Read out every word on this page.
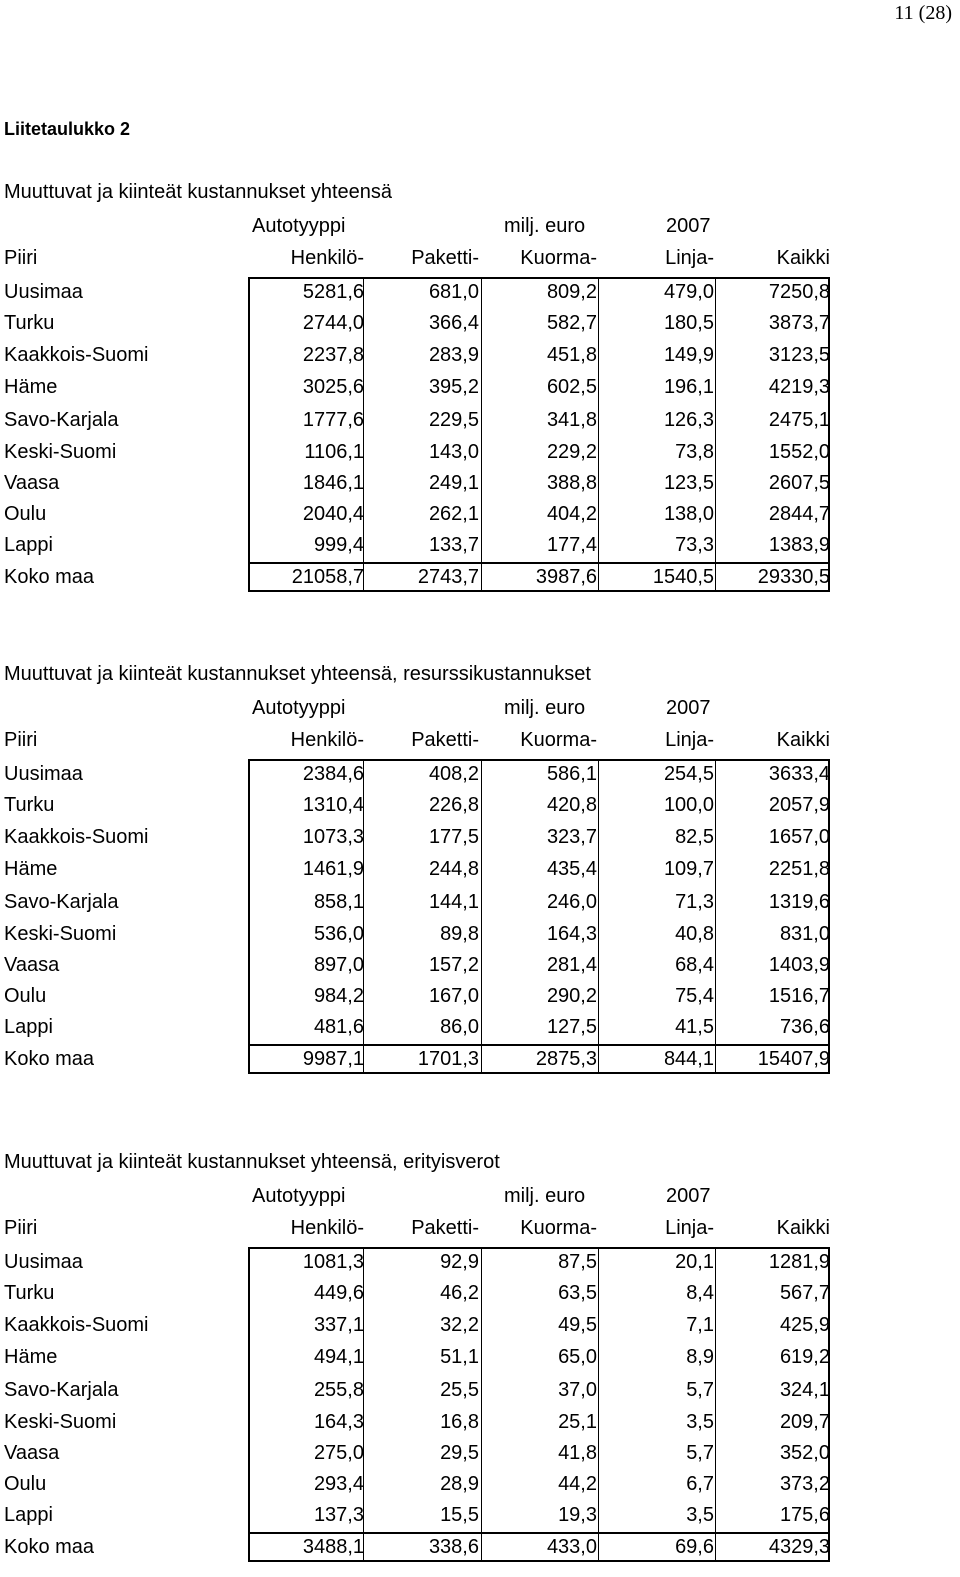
11 (28)
Liitetaulukko 2
Muuttuvat ja kiinteät kustannukset yhteensä
Autotyyppi	milj. euro	2007
Piiri	Henkilö- Paketti- Kuorma-	Linja-	Kaikki
Uusimaa	5281,6	681,0	809,2	479,0	7250,8
Turku	2744,0	366,4	582,7	180,5	3873,7
Kaakkois-Suomi	2237,8	283,9	451,8	149,9	3123,5
Häme	3025,6	395,2	602,5	196,1	4219,3
Savo-Karjala	1777,6	229,5	341,8	126,3	2475,1
Keski-Suomi	1106,1	143,0	229,2	73,8	1552,0
Vaasa	1846,1	249,1	388,8	123,5	2607,5
Oulu	2040,4	262,1	404,2	138,0	2844,7
Lappi	999,4	133,7	177,4	73,3	1383,9
Koko maa	21058,7	2743,7	3987,6	1540,5 29330,5
Muuttuvat ja kiinteät kustannukset yhteensä, resurssikustannukset
Autotyyppi	milj. euro	2007
Piiri	Henkilö- Paketti- Kuorma-	Linja-	Kaikki
Uusimaa	2384,6	408,2	586,1	254,5	3633,4
Turku	1310,4	226,8	420,8	100,0	2057,9
Kaakkois-Suomi	1073,3	177,5	323,7	82,5	1657,0
Häme	1461,9	244,8	435,4	109,7	2251,8
Savo-Karjala	858,1	144,1	246,0	71,3	1319,6
Keski-Suomi	536,0	89,8	164,3	40,8	831,0
Vaasa	897,0	157,2	281,4	68,4	1403,9
Oulu	984,2	167,0	290,2	75,4	1516,7
Lappi	481,6	86,0	127,5	41,5	736,6
Koko maa	9987,1	1701,3	2875,3	844,1 15407,9
Muuttuvat ja kiinteät kustannukset yhteensä, erityisverot
Autotyyppi	milj. euro	2007
Piiri	Henkilö- Paketti- Kuorma-	Linja-	Kaikki
Uusimaa	1081,3	92,9	87,5	20,1	1281,9
Turku	449,6	46,2	63,5	8,4	567,7
Kaakkois-Suomi	337,1	32,2	49,5	7,1	425,9
Häme	494,1	51,1	65,0	8,9	619,2
Savo-Karjala	255,8	25,5	37,0	5,7	324,1
Keski-Suomi	164,3	16,8	25,1	3,5	209,7
Vaasa	275,0	29,5	41,8	5,7	352,0
Oulu	293,4	28,9	44,2	6,7	373,2
Lappi	137,3	15,5	19,3	3,5	175,6
Koko maa	3488,1	338,6	433,0	69,6	4329,3
